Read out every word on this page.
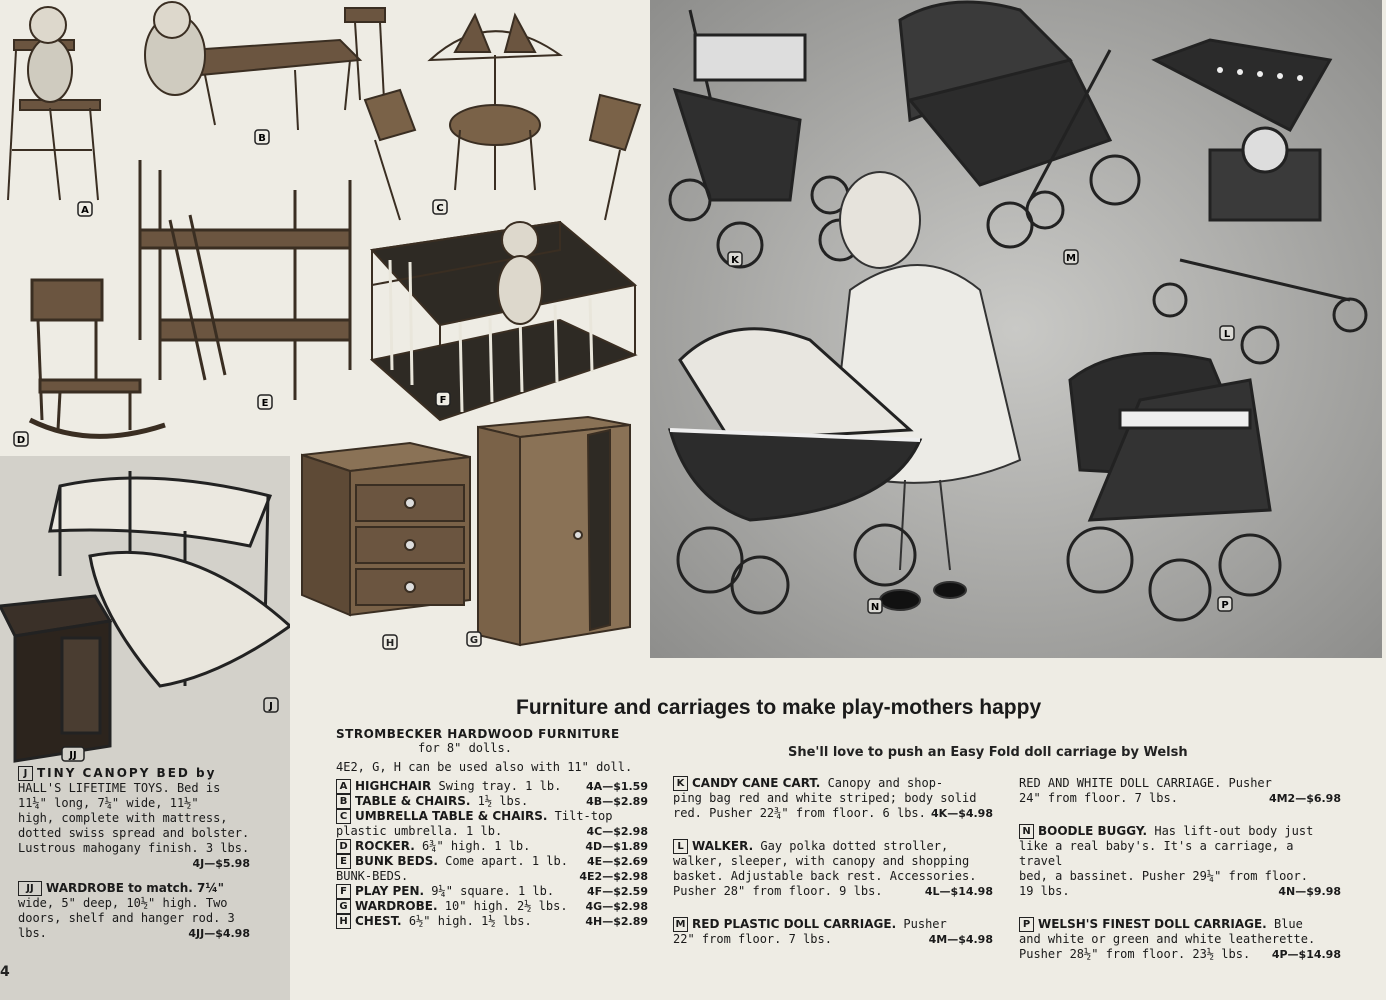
A
B
C
D
E	F
H	G
K	M
L
N	P
J
JJ
J TINY CANOPY BED by
HALL'S LIFETIME TOYS. Bed is
11¼" long, 7¼" wide, 11½"
high, complete with mattress,
dotted swiss spread and bolster.
Lustrous mahogany finish. 3 lbs.
4J—$5.98
JJ WARDROBE to match. 7¼"
wide, 5" deep, 10½" high. Two
doors, shelf and hanger rod. 3
lbs.	4JJ—$4.98
4
Furniture and carriages to make play-mothers happy
She'll love to push an Easy Fold doll carriage by Welsh
STROMBECKER HARDWOOD FURNITURE
for 8" dolls.
4E2, G, H can be used also with 11" doll.
A HIGHCHAIR Swing tray. 1 lb. 4A—$1.59
B TABLE & CHAIRS. 1½ lbs.	4B—$2.89
C UMBRELLA TABLE & CHAIRS. Tilt-top
plastic umbrella. 1 lb.	4C—$2.98
D ROCKER. 6¾" high. 1 lb.	4D—$1.89
E BUNK BEDS. Come apart. 1 lb. 4E—$2.69
BUNK-BEDS.	4E2—$2.98
F PLAY PEN. 9¼" square. 1 lb.	4F—$2.59
G WARDROBE. 10" high. 2½ lbs. 4G—$2.98
H CHEST. 6½" high. 1½ lbs.	4H—$2.89
K CANDY CANE CART. Canopy and shop-
ping bag red and white striped; body solid
red. Pusher 22¾" from floor. 6 lbs. 4K—$4.98
L WALKER. Gay polka dotted stroller,
walker, sleeper, with canopy and shopping
basket. Adjustable back rest. Accessories.
Pusher 28" from floor. 9 lbs.	4L—$14.98
M RED PLASTIC DOLL CARRIAGE. Pusher
22" from floor. 7 lbs.	4M—$4.98
RED AND WHITE DOLL CARRIAGE. Pusher
24" from floor. 7 lbs.	4M2—$6.98
N BOODLE BUGGY. Has lift-out body just
like a real baby's. It's a carriage, a travel
bed, a bassinet. Pusher 29¼" from floor.
19 lbs.	4N—$9.98
P WELSH'S FINEST DOLL CARRIAGE. Blue
and white or green and white leatherette.
Pusher 28½" from floor. 23½ lbs. 4P—$14.98
